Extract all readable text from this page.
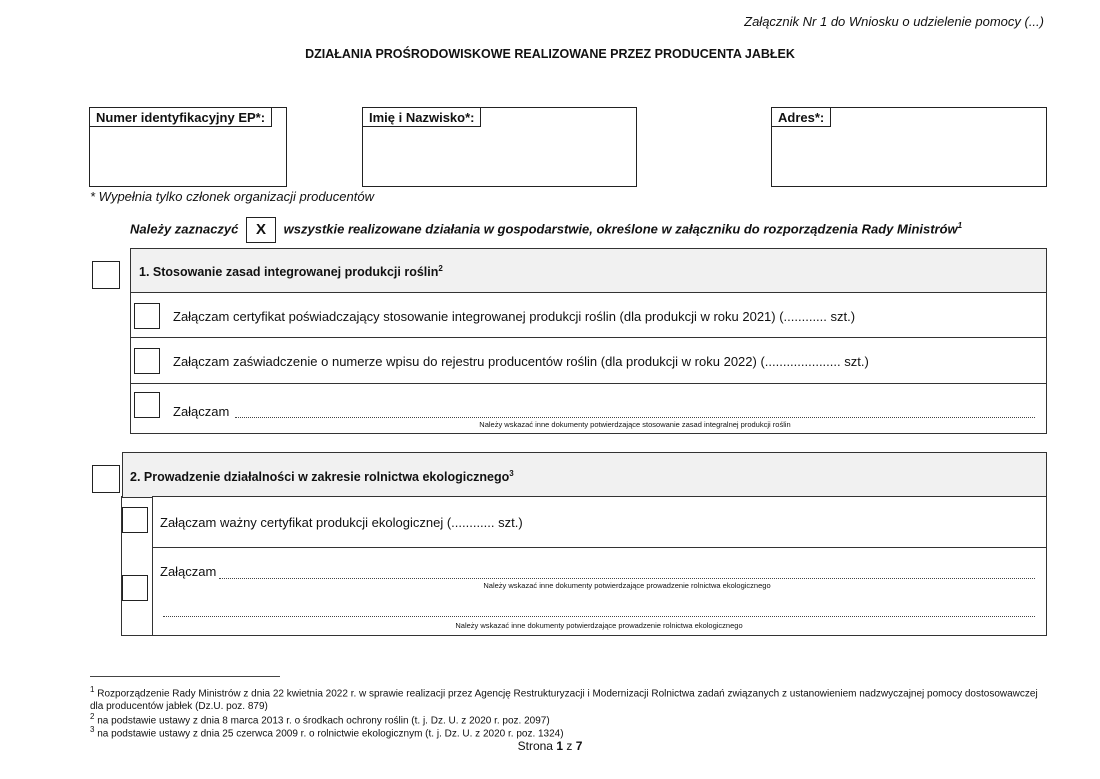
Załącznik Nr 1 do Wniosku o udzielenie pomocy (...)
DZIAŁANIA PROŚRODOWISKOWE REALIZOWANE PRZEZ PRODUCENTA JABŁEK
Numer identyfikacyjny EP*:	Imię i Nazwisko*:	Adres*:
* Wypełnia tylko członek organizacji producentów
Należy zaznaczyć X wszystkie realizowane działania w gospodarstwie, określone w załączniku do rozporządzenia Rady Ministrów$^1$
1. Stosowanie zasad integrowanej produkcji roślin$^2$
Załączam certyfikat poświadczający stosowanie integrowanej produkcji roślin (dla produkcji w roku 2021) (............ szt.)
Załączam zaświadczenie o numerze wpisu do rejestru producentów roślin (dla produkcji w roku 2022) (..................... szt.)
Załączam
Należy wskazać inne dokumenty potwierdzające stosowanie zasad integralnej produkcji roślin
2. Prowadzenie działalności w zakresie rolnictwa ekologicznego$^3$
Załączam ważny certyfikat produkcji ekologicznej (............ szt.)
Załączam
Należy wskazać inne dokumenty potwierdzające prowadzenie rolnictwa ekologicznego
Należy wskazać inne dokumenty potwierdzające prowadzenie rolnictwa ekologicznego
$^1$ Rozporządzenie Rady Ministrów z dnia 22 kwietnia 2022 r. w sprawie realizacji przez Agencję Restrukturyzacji i Modernizacji Rolnictwa zadań związanych z ustanowieniem nadzwyczajnej pomocy dostosowawczej dla producentów jabłek (Dz.U. poz. 879)
$^2$ na podstawie ustawy z dnia 8 marca 2013 r. o środkach ochrony roślin (t. j. Dz. U. z 2020 r. poz. 2097)
$^3$ na podstawie ustawy z dnia 25 czerwca 2009 r. o rolnictwie ekologicznym (t. j. Dz. U. z 2020 r. poz. 1324)
Strona 1 z 7
